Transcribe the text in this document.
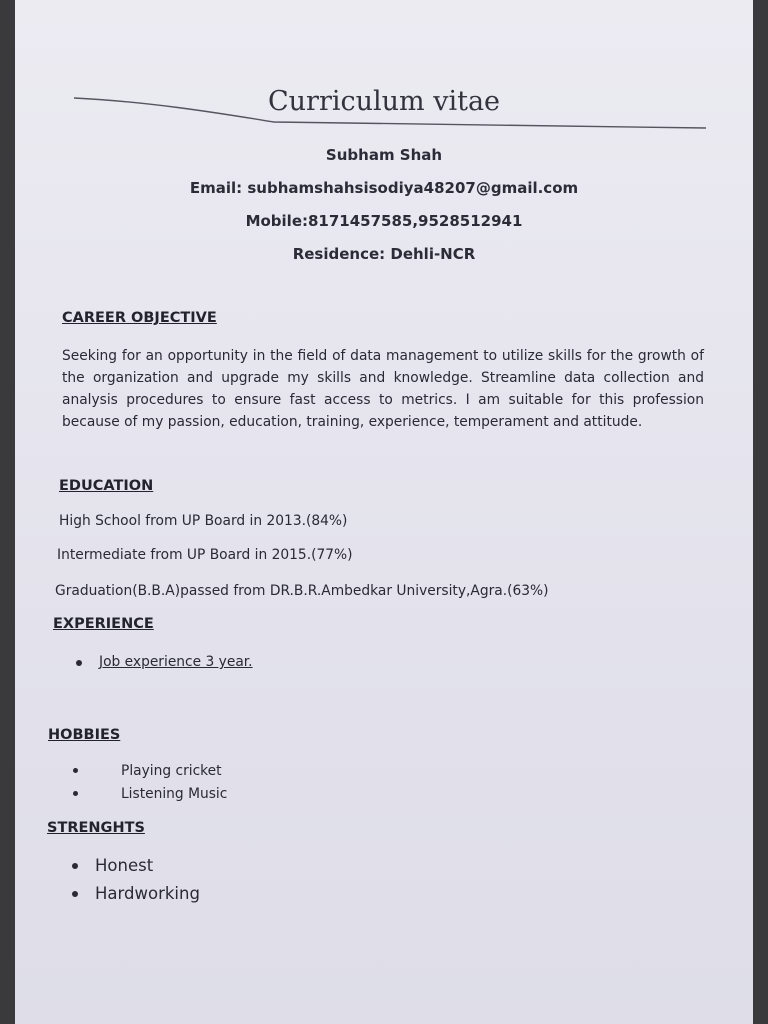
Curriculum vitae

Subham Shah

Email: subhamshahsisodiya48207@gmail.com

Mobile:8171457585,9528512941

Residence: Dehli-NCR

CAREER OBJECTIVE

Seeking for an opportunity in the field of data management to utilize skills for the growth of the organization and upgrade my skills and knowledge. Streamline data collection and analysis procedures to ensure fast access to metrics. I am suitable for this profession because of my passion, education, training, experience, temperament and attitude.

EDUCATION

High School from UP Board in 2013.(84%)

Intermediate from UP Board in 2015.(77%)

Graduation(B.B.A)passed from DR.B.R.Ambedkar University,Agra.(63%)

EXPERIENCE

Job experience 3 year.

HOBBIES

Playing cricket

Listening Music

STRENGHTS

Honest

Hardworking
